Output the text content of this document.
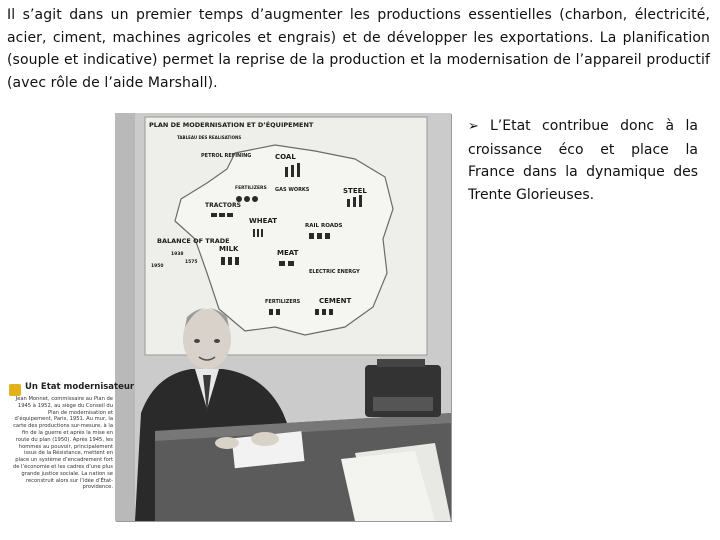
Il s’agit dans un premier temps d’augmenter les productions essentielles (charbon, électricité, acier, ciment, machines agricoles et engrais) et de développer les exportations. La planification (souple et indicative) permet la reprise de la production et la modernisation de l’appareil productif (avec rôle de l’aide Marshall).
PLAN DE MODERNISATION ET D’ÉQUIPEMENT
TABLEAU DES REALISATIONS
PETROL REFINING	COAL
FERTILIZERS GAS WORKS	STEEL
TRACTORS
WHEAT
RAIL ROADS
BALANCE OF TRADE
MILK	MEAT
ELECTRIC ENERGY
FERTILIZERS	CEMENT
1938
1950
1575
Un Etat modernisateur
Jean Monnet, commissaire au Plan de 1945 à 1952, au siège du Conseil du Plan de modernisation et d’équipement, Paris, 1951. Au mur, la carte des productions sur-mesure, à la fin de la guerre et après la mise en route du plan (1950). Après 1945, les hommes au pouvoir, principalement issus de la Résistance, mettent en place un système d’encadrement fort de l’économie et les cadres d’une plus grande justice sociale. La nation se reconstruit alors sur l’idée d’État-providence.
➢ L’Etat contribue donc à la croissance éco et place la France dans la dynamique des Trente Glorieuses.
